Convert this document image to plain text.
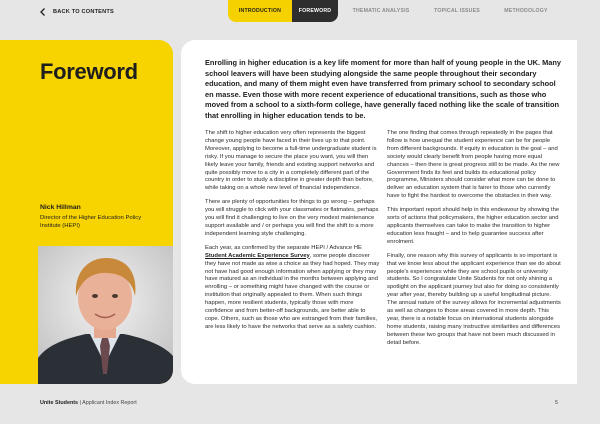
BACK TO CONTENTS	INTRODUCTION	FOREWORD	THEMATIC ANALYSIS	TOPICAL ISSUES	METHODOLOGY
Foreword
Nick Hillman
Director of the Higher Education Policy Institute (HEPI)
Enrolling in higher education is a key life moment for more than half of young people in the UK. Many school leavers will have been studying alongside the same people throughout their secondary education, and many of them might even have transferred from primary school to secondary school en masse. Even those with more recent experience of educational transitions, such as those who moved from a school to a sixth-form college, have generally faced nothing like the scale of transition that enrolling in higher education tends to be.

The shift to higher education very often represents the biggest change young people have faced in their lives up to that point. Moreover, applying to become a full-time undergraduate student is risky. If you manage to secure the place you want, you will then likely leave your family, friends and existing support networks and quite possibly move to a city in a completely different part of the country in order to study a discipline in greater depth than before, while taking on a whole new level of financial independence.

There are plenty of opportunities for things to go wrong – perhaps you will struggle to click with your classmates or flatmates, perhaps you will find it challenging to live on the very modest maintenance support available and / or perhaps you will find the shift to a more independent learning style challenging.

Each year, as confirmed by the separate HEPI / Advance HE Student Academic Experience Survey, some people discover they have not made as wise a choice as they had hoped. They may not have had good enough information when applying or they may have matured as an individual in the months between applying and enrolling – or something might have changed with the course or institution that originally appealed to them. When such things happen, more resilient students, typically those with more confidence and from better-off backgrounds, are better able to cope. Others, such as those who are estranged from their families, are less likely to have the networks that serve as a safety cushion.

The one finding that comes through repeatedly in the pages that follow is how unequal the student experience can be for people from different backgrounds. If equity in education is the goal – and society would clearly benefit from people having more equal chances – then there is great progress still to be made. As the new Government finds its feet and builds its educational policy programme, Ministers should consider what more can be done to deliver an education system that is fairer to those who currently have to fight the hardest to overcome the obstacles in their way.

This important report should help in this endeavour by showing the sorts of actions that policymakers, the higher education sector and applicants themselves can take to make the transition to higher education less fraught – and to help guarantee success after enrolment.

Finally, one reason why this survey of applicants is so important is that we know less about the applicant experience than we do about people's experiences while they are school pupils or university students. So I congratulate Unite Students for not only shining a spotlight on the applicant journey but also for doing so consistently year after year, thereby building up a useful longitudinal picture. The annual nature of the survey allows for incremental adjustments as well as changes to those areas covered in more depth. This year, there is a notable focus on international students alongside home students, raising many instructive similarities and differences between these two groups that have not been much discussed in detail before.

Unite Students | Applicant Index Report	5
